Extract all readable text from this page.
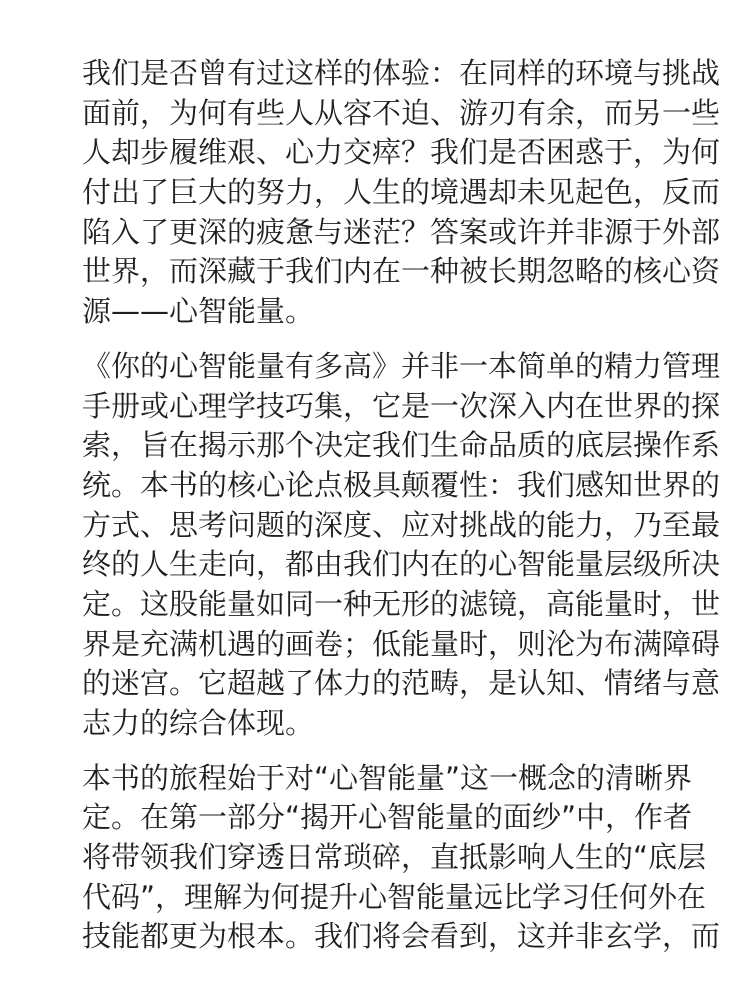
我们是否曾有过这样的体验：在同样的环境与挑战
面前，为何有些人从容不迫、游刃有余，而另一些
人却步履维艰、心力交瘁？我们是否困惑于，为何
付出了巨大的努力，人生的境遇却未见起色，反而
陷入了更深的疲惫与迷茫？答案或许并非源于外部
世界，而深藏于我们内在一种被长期忽略的核心资
源——心智能量。

《你的心智能量有多高》并非一本简单的精力管理
手册或心理学技巧集，它是一次深入内在世界的探
索，旨在揭示那个决定我们生命品质的底层操作系
统。本书的核心论点极具颠覆性：我们感知世界的
方式、思考问题的深度、应对挑战的能力，乃至最
终的人生走向，都由我们内在的心智能量层级所决
定。这股能量如同一种无形的滤镜，高能量时，世
界是充满机遇的画卷；低能量时，则沦为布满障碍
的迷宫。它超越了体力的范畴，是认知、情绪与意
志力的综合体现。

本书的旅程始于对“心智能量”这一概念的清晰界
定。在第一部分“揭开心智能量的面纱”中，作者
将带领我们穿透日常琐碎，直抵影响人生的“底层
代码”，理解为何提升心智能量远比学习任何外在
技能都更为根本。我们将会看到，这并非玄学，而
